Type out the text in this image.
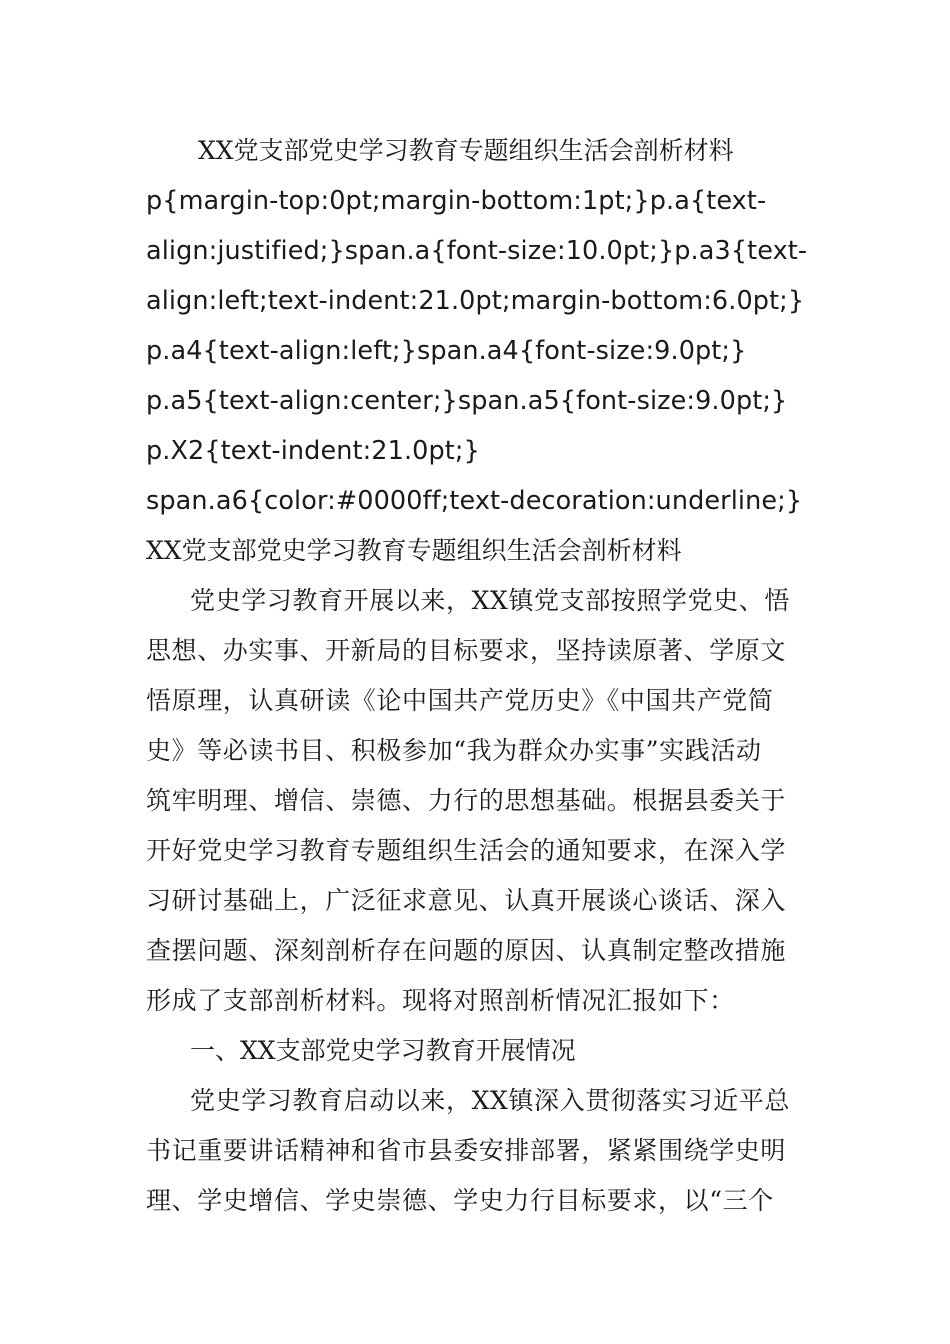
XX党支部党史学习教育专题组织生活会剖析材料
p{margin-top:0pt;margin-bottom:1pt;}p.a{text-
align:justified;}span.a{font-size:10.0pt;}p.a3{text-
align:left;text-indent:21.0pt;margin-bottom:6.0pt;}
p.a4{text-align:left;}span.a4{font-size:9.0pt;}
p.a5{text-align:center;}span.a5{font-size:9.0pt;}
p.X2{text-indent:21.0pt;}
span.a6{color:#0000ff;text-decoration:underline;}
XX党支部党史学习教育专题组织生活会剖析材料
党史学习教育开展以来，XX镇党支部按照学党史、悟
思想、办实事、开新局的目标要求，坚持读原著、学原文
悟原理，认真研读《论中国共产党历史》《中国共产党简
史》等必读书目、积极参加“我为群众办实事”实践活动
筑牢明理、增信、崇德、力行的思想基础。根据县委关于
开好党史学习教育专题组织生活会的通知要求，在深入学
习研讨基础上，广泛征求意见、认真开展谈心谈话、深入
查摆问题、深刻剖析存在问题的原因、认真制定整改措施
形成了支部剖析材料。现将对照剖析情况汇报如下：
一、XX支部党史学习教育开展情况
党史学习教育启动以来，XX镇深入贯彻落实习近平总
书记重要讲话精神和省市县委安排部署，紧紧围绕学史明
理、学史增信、学史崇德、学史力行目标要求，以“三个
